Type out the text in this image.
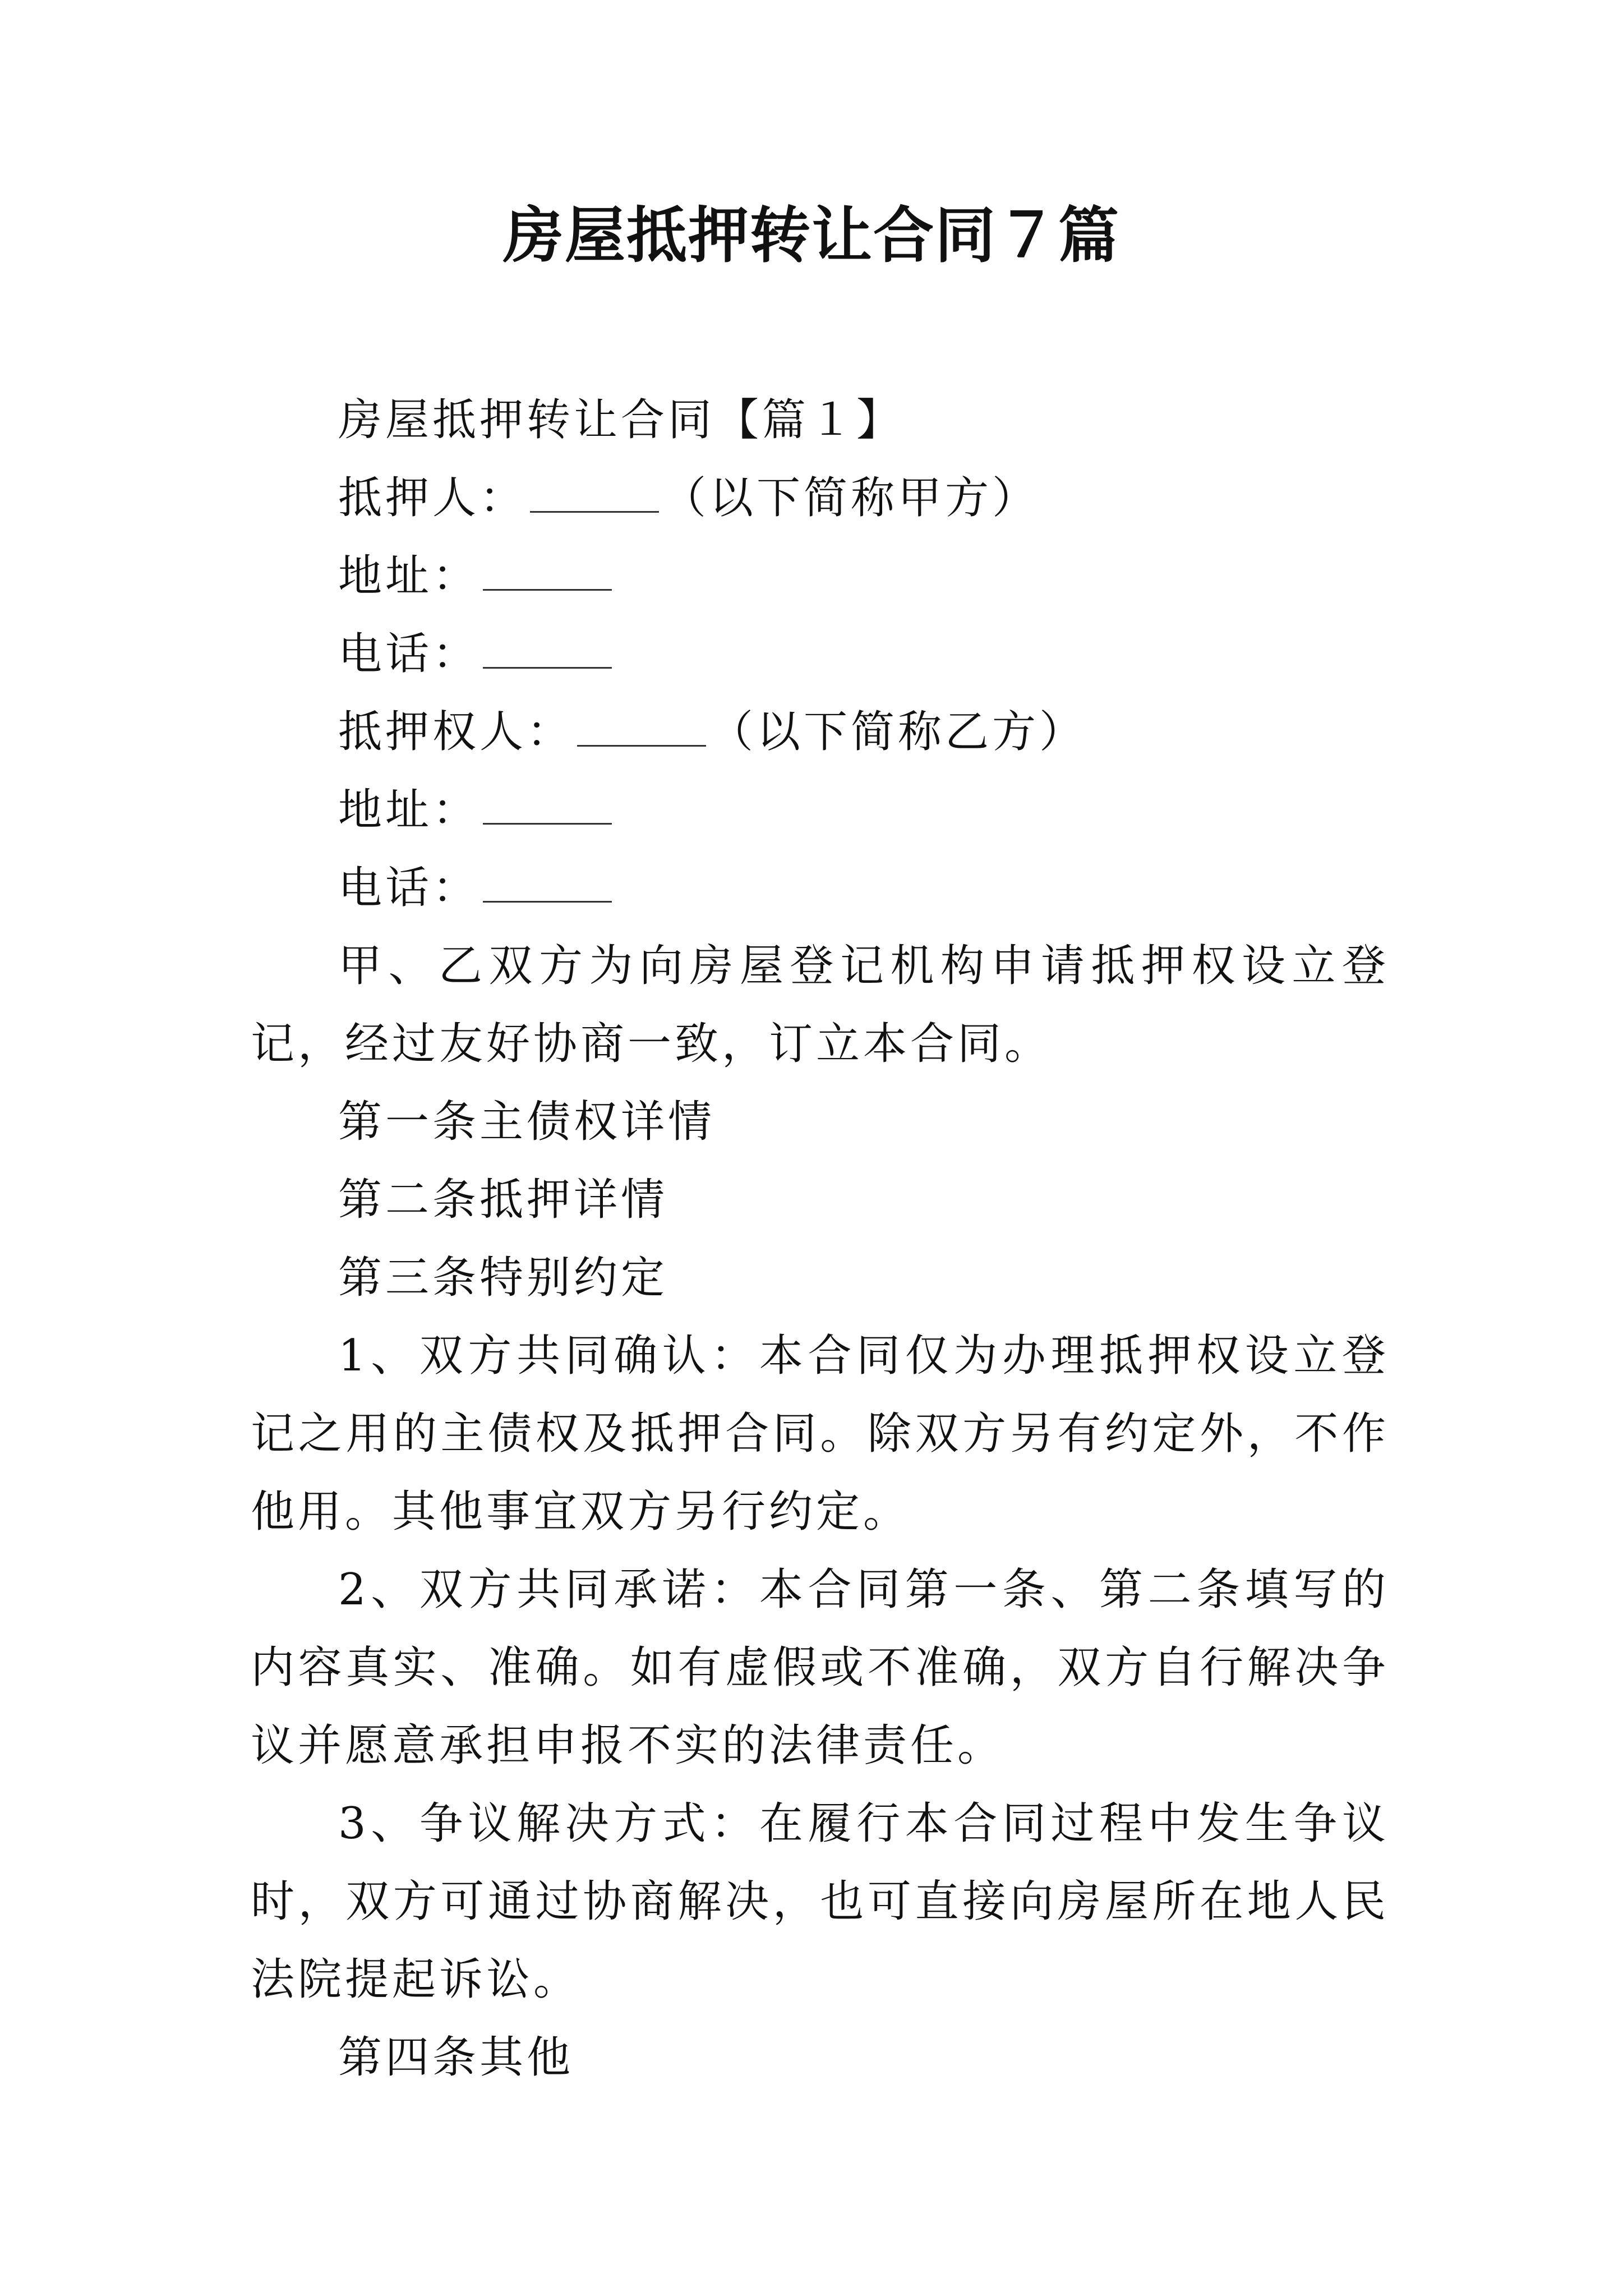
房屋抵押转让合同７篇

房屋抵押转让合同【篇１】

抵押人：	（以下简称甲方）

地址：

电话：

抵押权人：	（以下简称乙方）

地址：

电话：

甲、乙双方为向房屋登记机构申请抵押权设立登记，经过友好协商一致，订立本合同。

第一条主债权详情

第二条抵押详情

第三条特别约定

1、双方共同确认：本合同仅为办理抵押权设立登记之用的主债权及抵押合同。除双方另有约定外，不作他用。其他事宜双方另行约定。

2、双方共同承诺：本合同第一条、第二条填写的内容真实、准确。如有虚假或不准确，双方自行解决争议并愿意承担申报不实的法律责任。

3、争议解决方式：在履行本合同过程中发生争议时，双方可通过协商解决，也可直接向房屋所在地人民法院提起诉讼。

第四条其他
